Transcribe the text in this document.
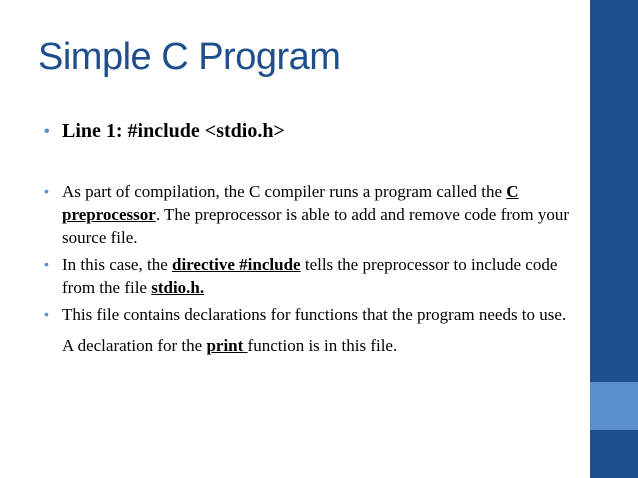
Simple C Program
• Line 1: #include <stdio.h>
• As part of compilation, the C compiler runs a program called the C preprocessor. The preprocessor is able to add and remove code from your source file.
• In this case, the directive #include tells the preprocessor to include code from the file stdio.h.
• This file contains declarations for functions that the program needs to use. A declaration for the print function is in this file.
